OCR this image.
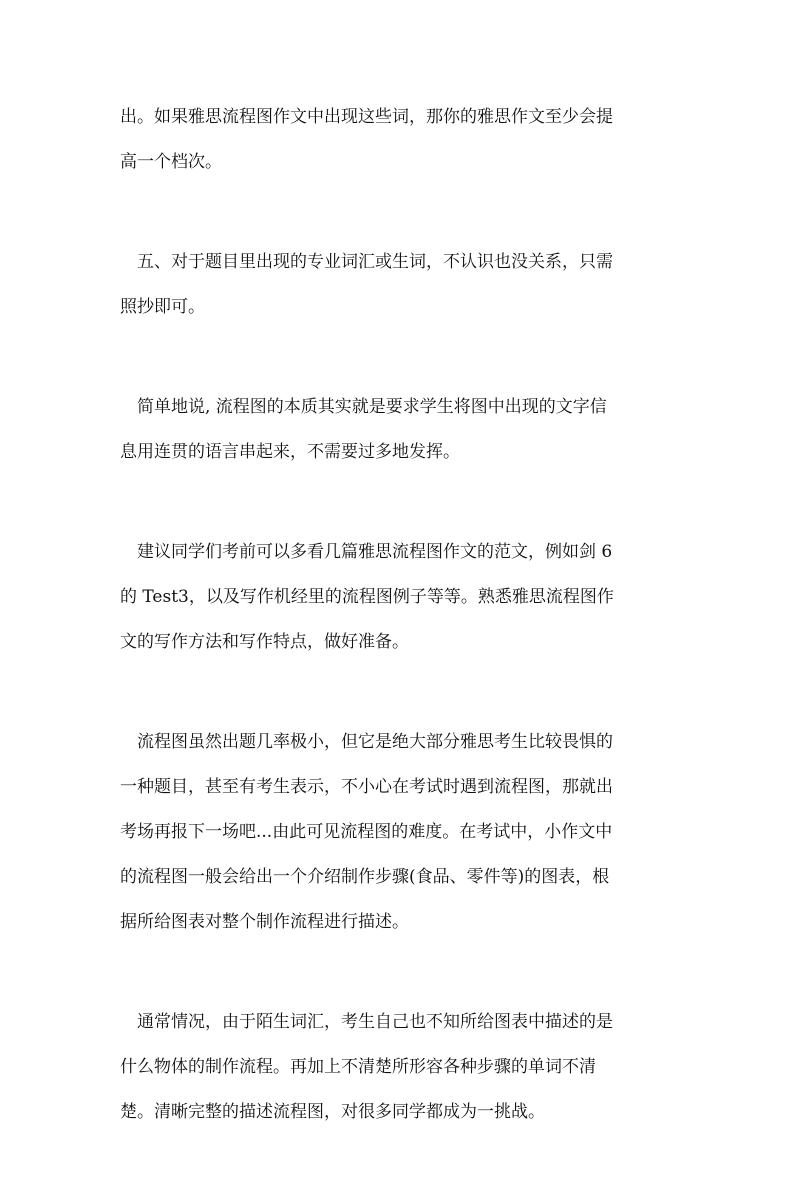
出。如果雅思流程图作文中出现这些词，那你的雅思作文至少会提
高一个档次。
五、对于题目里出现的专业词汇或生词，不认识也没关系，只需
照抄即可。
简单地说, 流程图的本质其实就是要求学生将图中出现的文字信
息用连贯的语言串起来，不需要过多地发挥。
建议同学们考前可以多看几篇雅思流程图作文的范文，例如剑 6
的 Test3，以及写作机经里的流程图例子等等。熟悉雅思流程图作
文的写作方法和写作特点，做好准备。
流程图虽然出题几率极小，但它是绝大部分雅思考生比较畏惧的
一种题目，甚至有考生表示，不小心在考试时遇到流程图，那就出
考场再报下一场吧...由此可见流程图的难度。在考试中，小作文中
的流程图一般会给出一个介绍制作步骤(食品、零件等)的图表，根
据所给图表对整个制作流程进行描述。
通常情况，由于陌生词汇，考生自己也不知所给图表中描述的是
什么物体的制作流程。再加上不清楚所形容各种步骤的单词不清
楚。清晰完整的描述流程图，对很多同学都成为一挑战。
